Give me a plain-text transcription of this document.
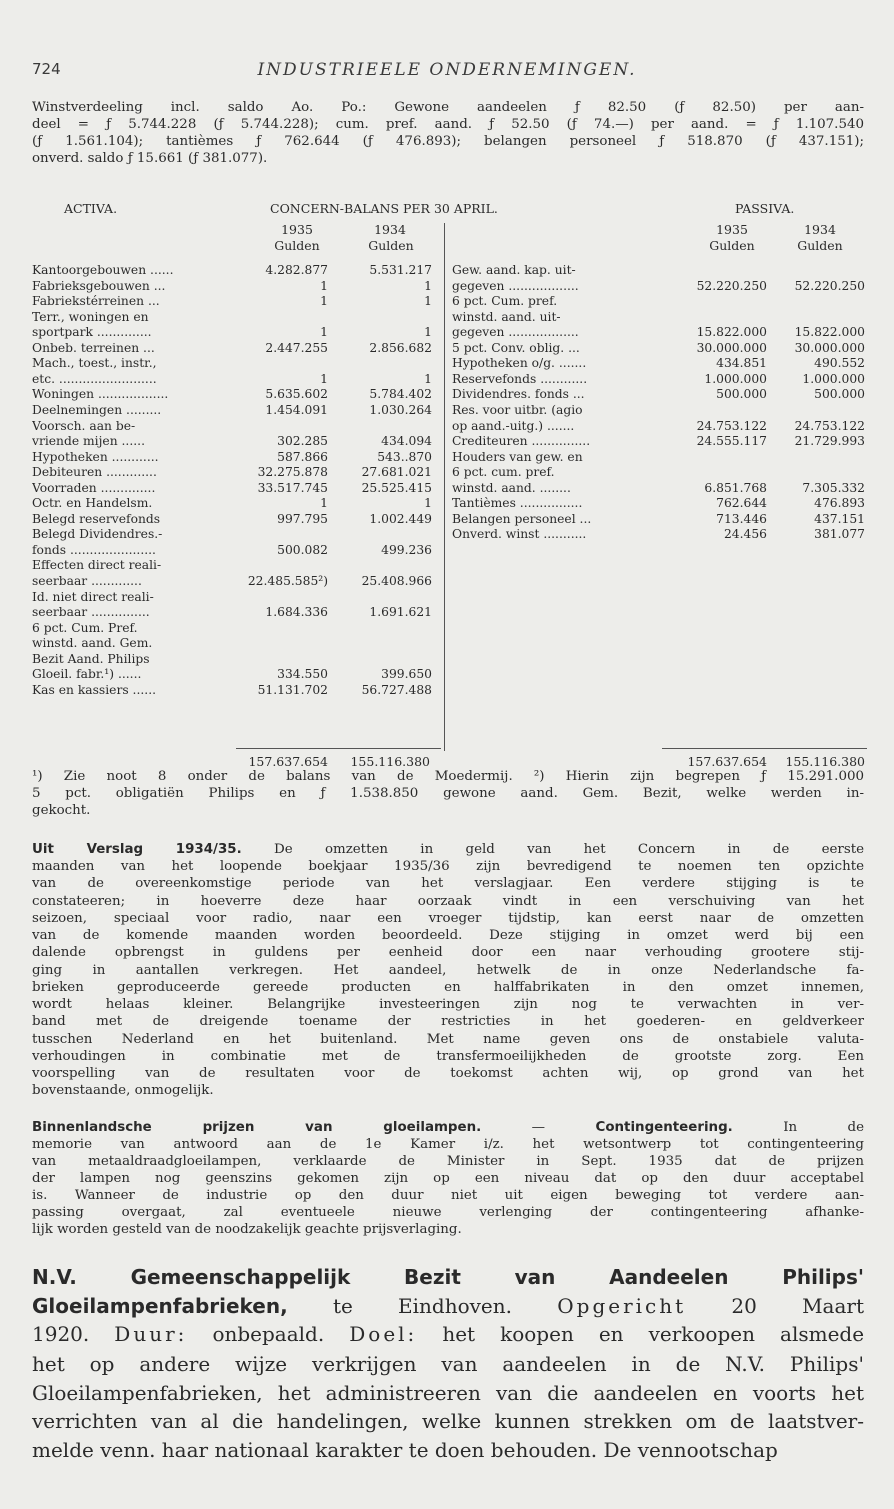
724	INDUSTRIEELE ONDERNEMINGEN.
Winstverdeeling incl. saldo Ao. Po.: Gewone aandeelen ƒ 82.50 (ƒ 82.50) per aan-
deel = ƒ 5.744.228 (ƒ 5.744.228); cum. pref. aand. ƒ 52.50 (ƒ 74.—) per aand. = ƒ 1.107.540
(ƒ 1.561.104); tantièmes ƒ 762.644 (ƒ 476.893); belangen personeel ƒ 518.870 (ƒ 437.151);
onverd. saldo ƒ 15.661 (ƒ 381.077).
ACTIVA.	CONCERN-BALANS PER 30 APRIL.	PASSIVA.
1935	1934
Gulden	Gulden
1935	1934
Gulden	Gulden
Kantoorgebouwen ......	4.282.877	5.531.217
Fabrieksgebouwen ...	1	1
Fabriekstérreinen ...	1	1
Terr., woningen en
sportpark ..............	1	1
Onbeb. terreinen ...	2.447.255	2.856.682
Mach., toest., instr.,
etc. .........................	1	1
Woningen ..................	5.635.602	5.784.402
Deelnemingen .........	1.454.091	1.030.264
Voorsch. aan be-
vriende mijen ......	302.285	434.094
Hypotheken ............	587.866	543..870
Debiteuren .............	32.275.878	27.681.021
Voorraden ..............	33.517.745	25.525.415
Octr. en Handelsm.	1	1
Belegd reservefonds	997.795	1.002.449
Belegd Dividendres.-
fonds ......................	500.082	499.236
Effecten direct reali-
seerbaar .............	22.485.585²)	25.408.966
Id. niet direct reali-
seerbaar ...............	1.684.336	1.691.621
6 pct. Cum. Pref.
winstd. aand. Gem.
Bezit Aand. Philips
Gloeil. fabr.¹) ......	334.550	399.650
Kas en kassiers ......	51.131.702	56.727.488
Gew. aand. kap. uit-
gegeven ..................	52.220.250	52.220.250
6 pct. Cum. pref.
winstd. aand. uit-
gegeven ..................	15.822.000	15.822.000
5 pct. Conv. oblig. ...	30.000.000	30.000.000
Hypotheken o/g. .......	434.851	490.552
Reservefonds ............	1.000.000	1.000.000
Dividendres. fonds ...	500.000	500.000
Res. voor uitbr. (agio
op aand.-uitg.) .......	24.753.122	24.753.122
Crediteuren ...............	24.555.117	21.729.993
Houders van gew. en
6 pct. cum. pref.
winstd. aand. ........	6.851.768	7.305.332
Tantièmes ................	762.644	476.893
Belangen personeel ...	713.446	437.151
Onverd. winst ...........	24.456	381.077
157.637.654	155.116.380	157.637.654	155.116.380
¹) Zie noot 8 onder de balans van de Moedermij. ²) Hierin zijn begrepen ƒ 15.291.000
5 pct. obligatiën Philips en ƒ 1.538.850 gewone aand. Gem. Bezit, welke werden in-
gekocht.
Uit Verslag 1934/35. De omzetten in geld van het Concern in de eerste
maanden van het loopende boekjaar 1935/36 zijn bevredigend te noemen ten opzichte
van de overeenkomstige periode van het verslagjaar. Een verdere stijging is te
constateeren; in hoeverre deze haar oorzaak vindt in een verschuiving van het
seizoen, speciaal voor radio, naar een vroeger tijdstip, kan eerst naar de omzetten
van de komende maanden worden beoordeeld. Deze stijging in omzet werd bij een
dalende opbrengst in guldens per eenheid door een naar verhouding grootere stij-
ging in aantallen verkregen. Het aandeel, hetwelk de in onze Nederlandsche fa-
brieken geproduceerde gereede producten en halffabrikaten in den omzet innemen,
wordt helaas kleiner. Belangrijke investeeringen zijn nog te verwachten in ver-
band met de dreigende toename der restricties in het goederen- en geldverkeer
tusschen Nederland en het buitenland. Met name geven ons de onstabiele valuta-
verhoudingen in combinatie met de transfermoeilijkheden de grootste zorg. Een
voorspelling van de resultaten voor de toekomst achten wij, op grond van het
bovenstaande, onmogelijk.
Binnenlandsche prijzen van gloeilampen.	—	Contingenteering.	In de
memorie van antwoord aan de 1e Kamer i/z. het wetsontwerp tot contingenteering
van metaaldraadgloeilampen, verklaarde de Minister in Sept. 1935 dat de prijzen
der lampen nog geenszins gekomen zijn op een niveau dat op den duur acceptabel
is. Wanneer de industrie op den duur niet uit eigen beweging tot verdere aan-
passing overgaat, zal eventueele nieuwe verlenging der contingenteering afhanke-
lijk worden gesteld van de noodzakelijk geachte prijsverlaging.
N.V. Gemeenschappelijk Bezit van Aandeelen Philips'
Gloeilampenfabrieken, te Eindhoven. Opgericht 20 Maart
1920. Duur: onbepaald. Doel: het koopen en verkoopen alsmede
het op andere wijze verkrijgen van aandeelen in de N.V. Philips'
Gloeilampenfabrieken, het administreeren van die aandeelen en voorts het
verrichten van al die handelingen, welke kunnen strekken om de laatstver-
melde venn. haar nationaal karakter te doen behouden. De vennootschap
